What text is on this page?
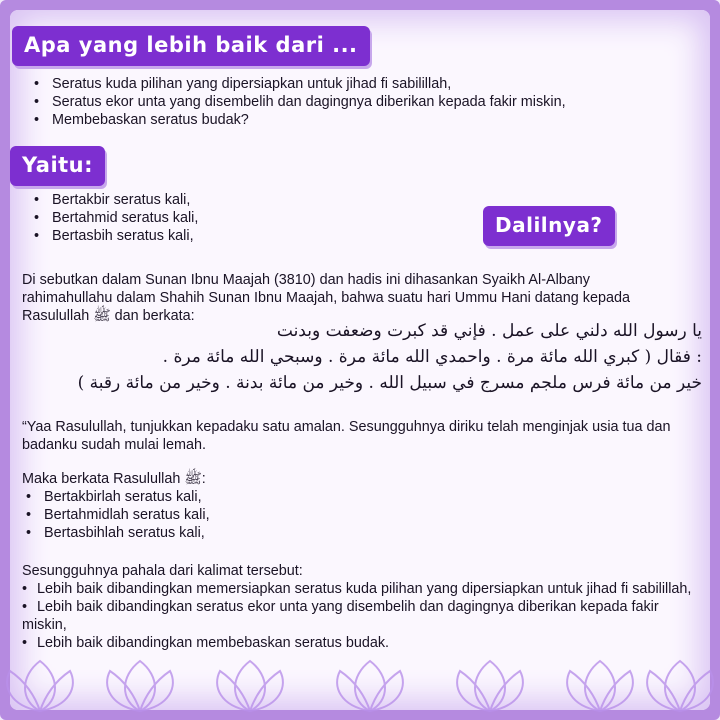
Apa yang lebih baik dari ...
• Seratus kuda pilihan yang dipersiapkan untuk jihad fi sabilillah,
• Seratus ekor unta yang disembelih dan dagingnya diberikan kepada fakir miskin,
• Membebaskan seratus budak?
Yaitu:
• Bertakbir seratus kali,
• Bertahmid seratus kali,
• Bertasbih seratus kali,	Dalilnya?
Di sebutkan dalam Sunan Ibnu Maajah (3810) dan hadis ini dihasankan Syaikh Al-Albany rahimahullahu dalam Shahih Sunan Ibnu Maajah, bahwa suatu hari Ummu Hani datang kepada Rasulullah ﷺ dan berkata:
يا رسول الله دلني على عمل . فإني قد كبرت وضعفت وبدنت
: فقال ( كبري الله مائة مرة . واحمدي الله مائة مرة . وسبحي الله مائة مرة .
خير من مائة فرس ملجم مسرج في سبيل الله . وخير من مائة بدنة . وخير من مائة رقبة )
“Yaa Rasulullah, tunjukkan kepadaku satu amalan. Sesungguhnya diriku telah menginjak usia tua dan badanku sudah mulai lemah.
Maka berkata Rasulullah ﷺ:
• Bertakbirlah seratus kali,
• Bertahmidlah seratus kali,
• Bertasbihlah seratus kali,
Sesungguhnya pahala dari kalimat tersebut:
• Lebih baik dibandingkan memersiapkan seratus kuda pilihan yang dipersiapkan untuk jihad fi sabilillah,
• Lebih baik dibandingkan seratus ekor unta yang disembelih dan dagingnya diberikan kepada fakir miskin,
• Lebih baik dibandingkan membebaskan seratus budak.
